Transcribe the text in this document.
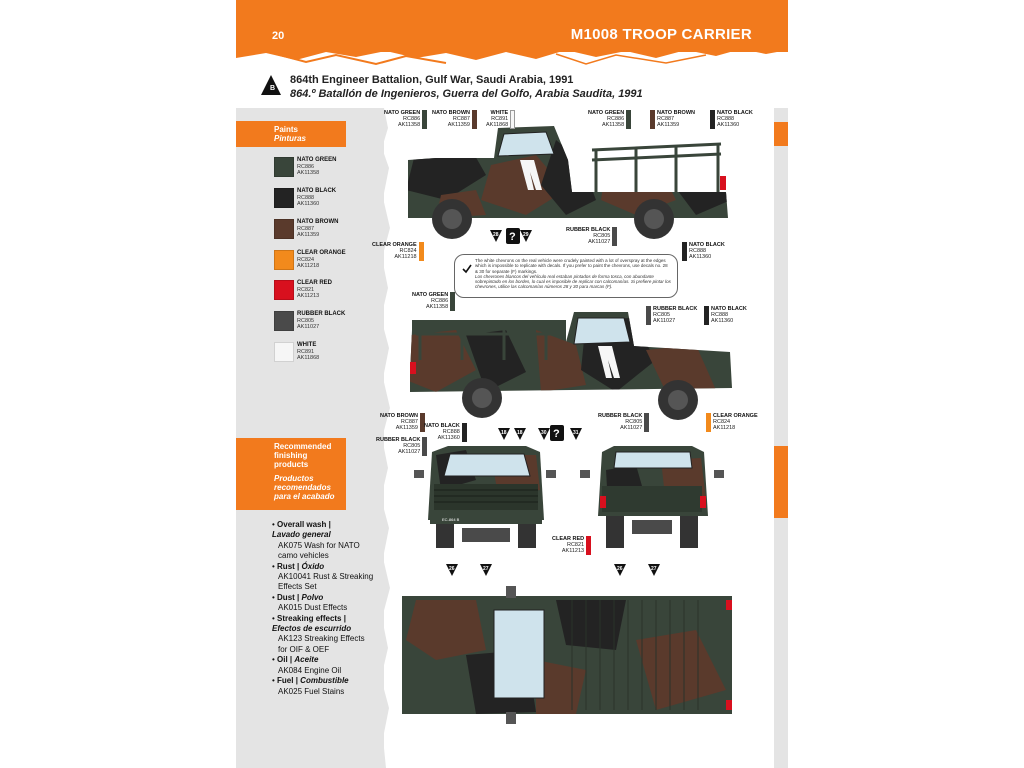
20	M1008 TROOP CARRIER
B
864th Engineer Battalion, Gulf War, Saudi Arabia, 1991
864.º Batallón de Ingenieros, Guerra del Golfo, Arabia Saudita, 1991
Paints
Pinturas
NATO GREEN
RC886
AK11358
NATO BLACK
RC888
AK11360
NATO BROWN
RC887
AK11359
CLEAR ORANGE
RC824
AK11218
CLEAR RED
RC821
AK11213
RUBBER BLACK
RC805
AK11027
WHITE
RC891
AK11868
Recommended finishing products
Productos recomendados para el acabado
• Overall wash |
Lavado general
AK075 Wash for NATO camo vehicles
• Rust | Óxido
AK10041 Rust & Streaking Effects Set
• Dust | Polvo
AK015 Dust Effects
• Streaking effects |
Efectos de escurrido
AK123 Streaking Effects for OIF & OEF
• Oil | Aceite
AK084 Engine Oil
• Fuel | Combustible
AK025 Fuel Stains
EC-864 B
28	29
?
18 18	30 ?	31
26	27	26	27
NATO GREEN
RC886
AK11358
NATO BROWN
RC887
AK11359
WHITE
RC891
AK11868
NATO GREEN
RC886
AK11358
NATO BROWN
RC887
AK11359
NATO BLACK
RC888
AK11360
CLEAR ORANGE
RC824
AK11218
RUBBER BLACK
RC805
AK11027	NATO BLACK
RC888
AK11360
The white chevrons on the real vehicle were crudely painted with a lot of overspray at the edges which is impossible to replicate with decals. If you prefer to paint the chevrons, use decals no. 28 & 30 for separate (F) markings.
Los chevrones blancos del vehículo real estaban pintados de forma tosca, con abundante sobrepintado en los bordes, lo cual es imposible de replicar con calcomanías. Si prefiere pintar los chevrones, utilice las calcomanías números 28 y 30 para marcas (F).
NATO GREEN
RC886
AK11358	RUBBER BLACK
RC805
AK11027
NATO BLACK
RC888
AK11360
NATO BROWN
RC887
AK11359 NATO BLACK
RC888
AK11360
RUBBER BLACK
RC805
AK11027
RUBBER BLACK
RC805
AK11027
CLEAR ORANGE
RC824
AK11218
CLEAR RED
RC821
AK11213
